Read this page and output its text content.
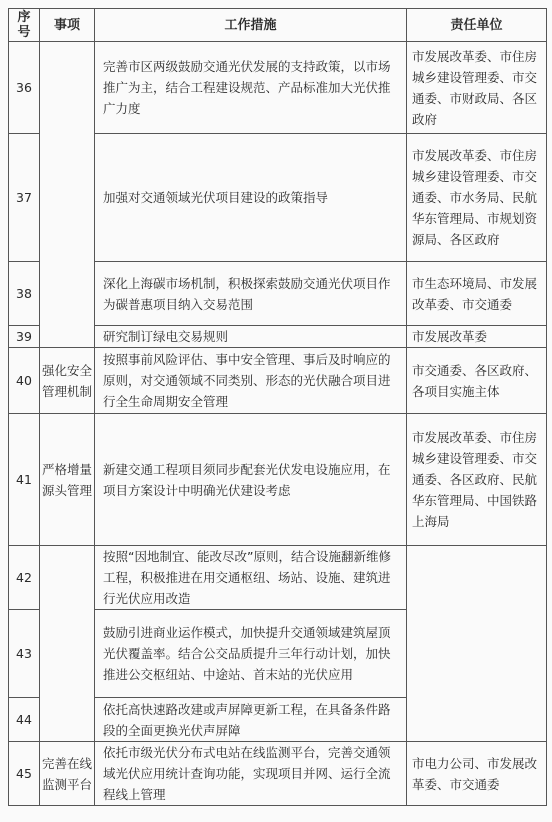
序号	事项	工作措施	责任单位
36		完善市区两级鼓励交通光伏发展的支持政策，以市场推广为主，结合工程建设规范、产品标准加大光伏推广力度	市发展改革委、市住房城乡建设管理委、市交通委、市财政局、各区政府
37		加强对交通领域光伏项目建设的政策指导	市发展改革委、市住房城乡建设管理委、市交通委、市水务局、民航华东管理局、市规划资源局、各区政府
38		深化上海碳市场机制，积极探索鼓励交通光伏项目作为碳普惠项目纳入交易范围	市生态环境局、市发展改革委、市交通委
39		研究制订绿电交易规则	市发展改革委
40	强化安全管理机制	按照事前风险评估、事中安全管理、事后及时响应的原则，对交通领域不同类别、形态的光伏融合项目进行全生命周期安全管理	市交通委、各区政府、各项目实施主体
41	严格增量源头管理	新建交通工程项目须同步配套光伏发电设施应用，在项目方案设计中明确光伏建设考虑	市发展改革委、市住房城乡建设管理委、市交通委、各区政府、民航华东管理局、中国铁路上海局
42		按照“因地制宜、能改尽改”原则，结合设施翻新维修工程，积极推进在用交通枢纽、场站、设施、建筑进行光伏应用改造	
43		鼓励引进商业运作模式，加快提升交通领域建筑屋顶光伏覆盖率。结合公交品质提升三年行动计划，加快推进公交枢纽站、中途站、首末站的光伏应用	
44		依托高快速路改建或声屏障更新工程，在具备条件路段的全面更换光伏声屏障	
45	完善在线监测平台	依托市级光伏分布式电站在线监测平台，完善交通领域光伏应用统计查询功能，实现项目并网、运行全流程线上管理	市电力公司、市发展改革委、市交通委
